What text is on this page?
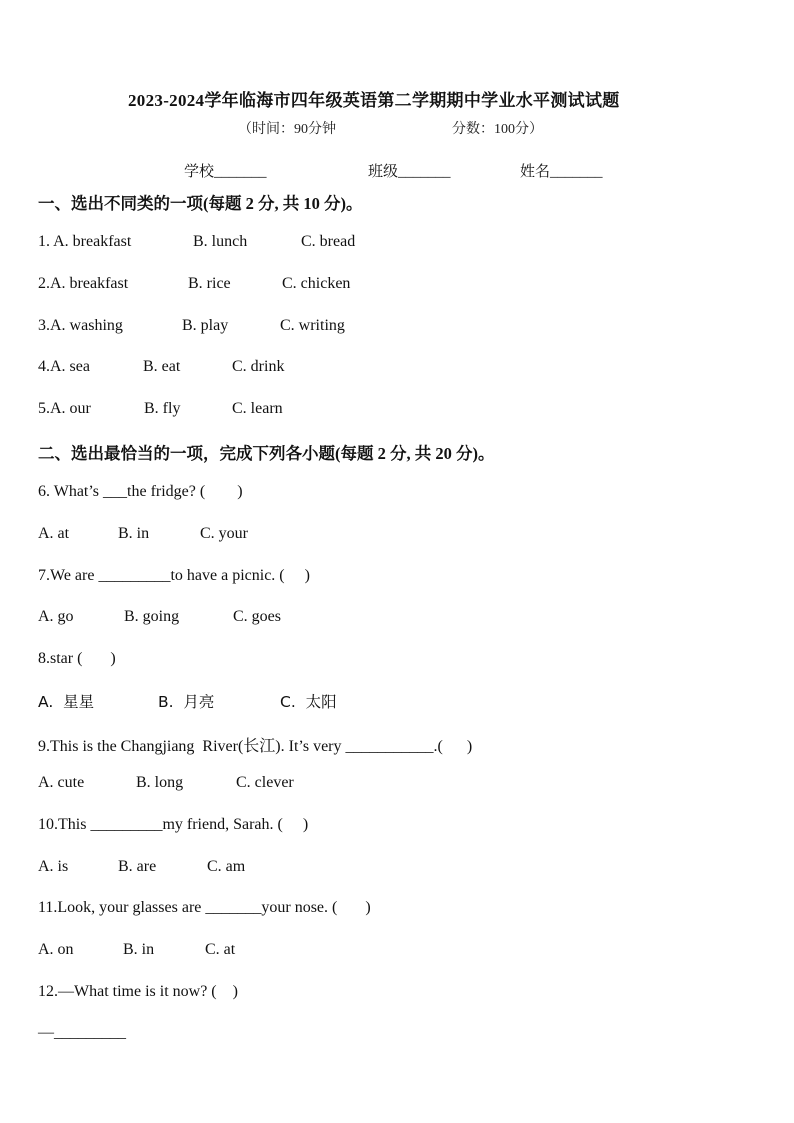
2023-2024学年临海市四年级英语第二学期期中学业水平测试试题
（时间：90分钟	分数：100分）
学校_______	班级_______	姓名_______
一、选出不同类的一项(每题 2 分, 共 10 分)。
1. A. breakfast	B. lunch	C. bread
2.A. breakfast	B. rice	C. chicken
3.A. washing	B. play	C. writing
4.A. sea	B. eat	C. drink
5.A. our	B. fly	C. learn
二、选出最恰当的一项，完成下列各小题(每题 2 分, 共 20 分)。
6. What’s ___the fridge? (        )
A. at	B. in	C. your
7.We are _________to have a picnic. (     )
A. go	B. going	C. goes
8.star (       )
A.  星星	B.  月亮	C.  太阳
9.This is the Changjiang  River(长江). It’s very ___________.(      )
A. cute	B. long	C. clever
10.This _________my friend, Sarah. (     )
A. is	B. are	C. am
11.Look, your glasses are _______your nose. (       )
A. on	B. in	C. at
12.—What time is it now? (    )
—_________
